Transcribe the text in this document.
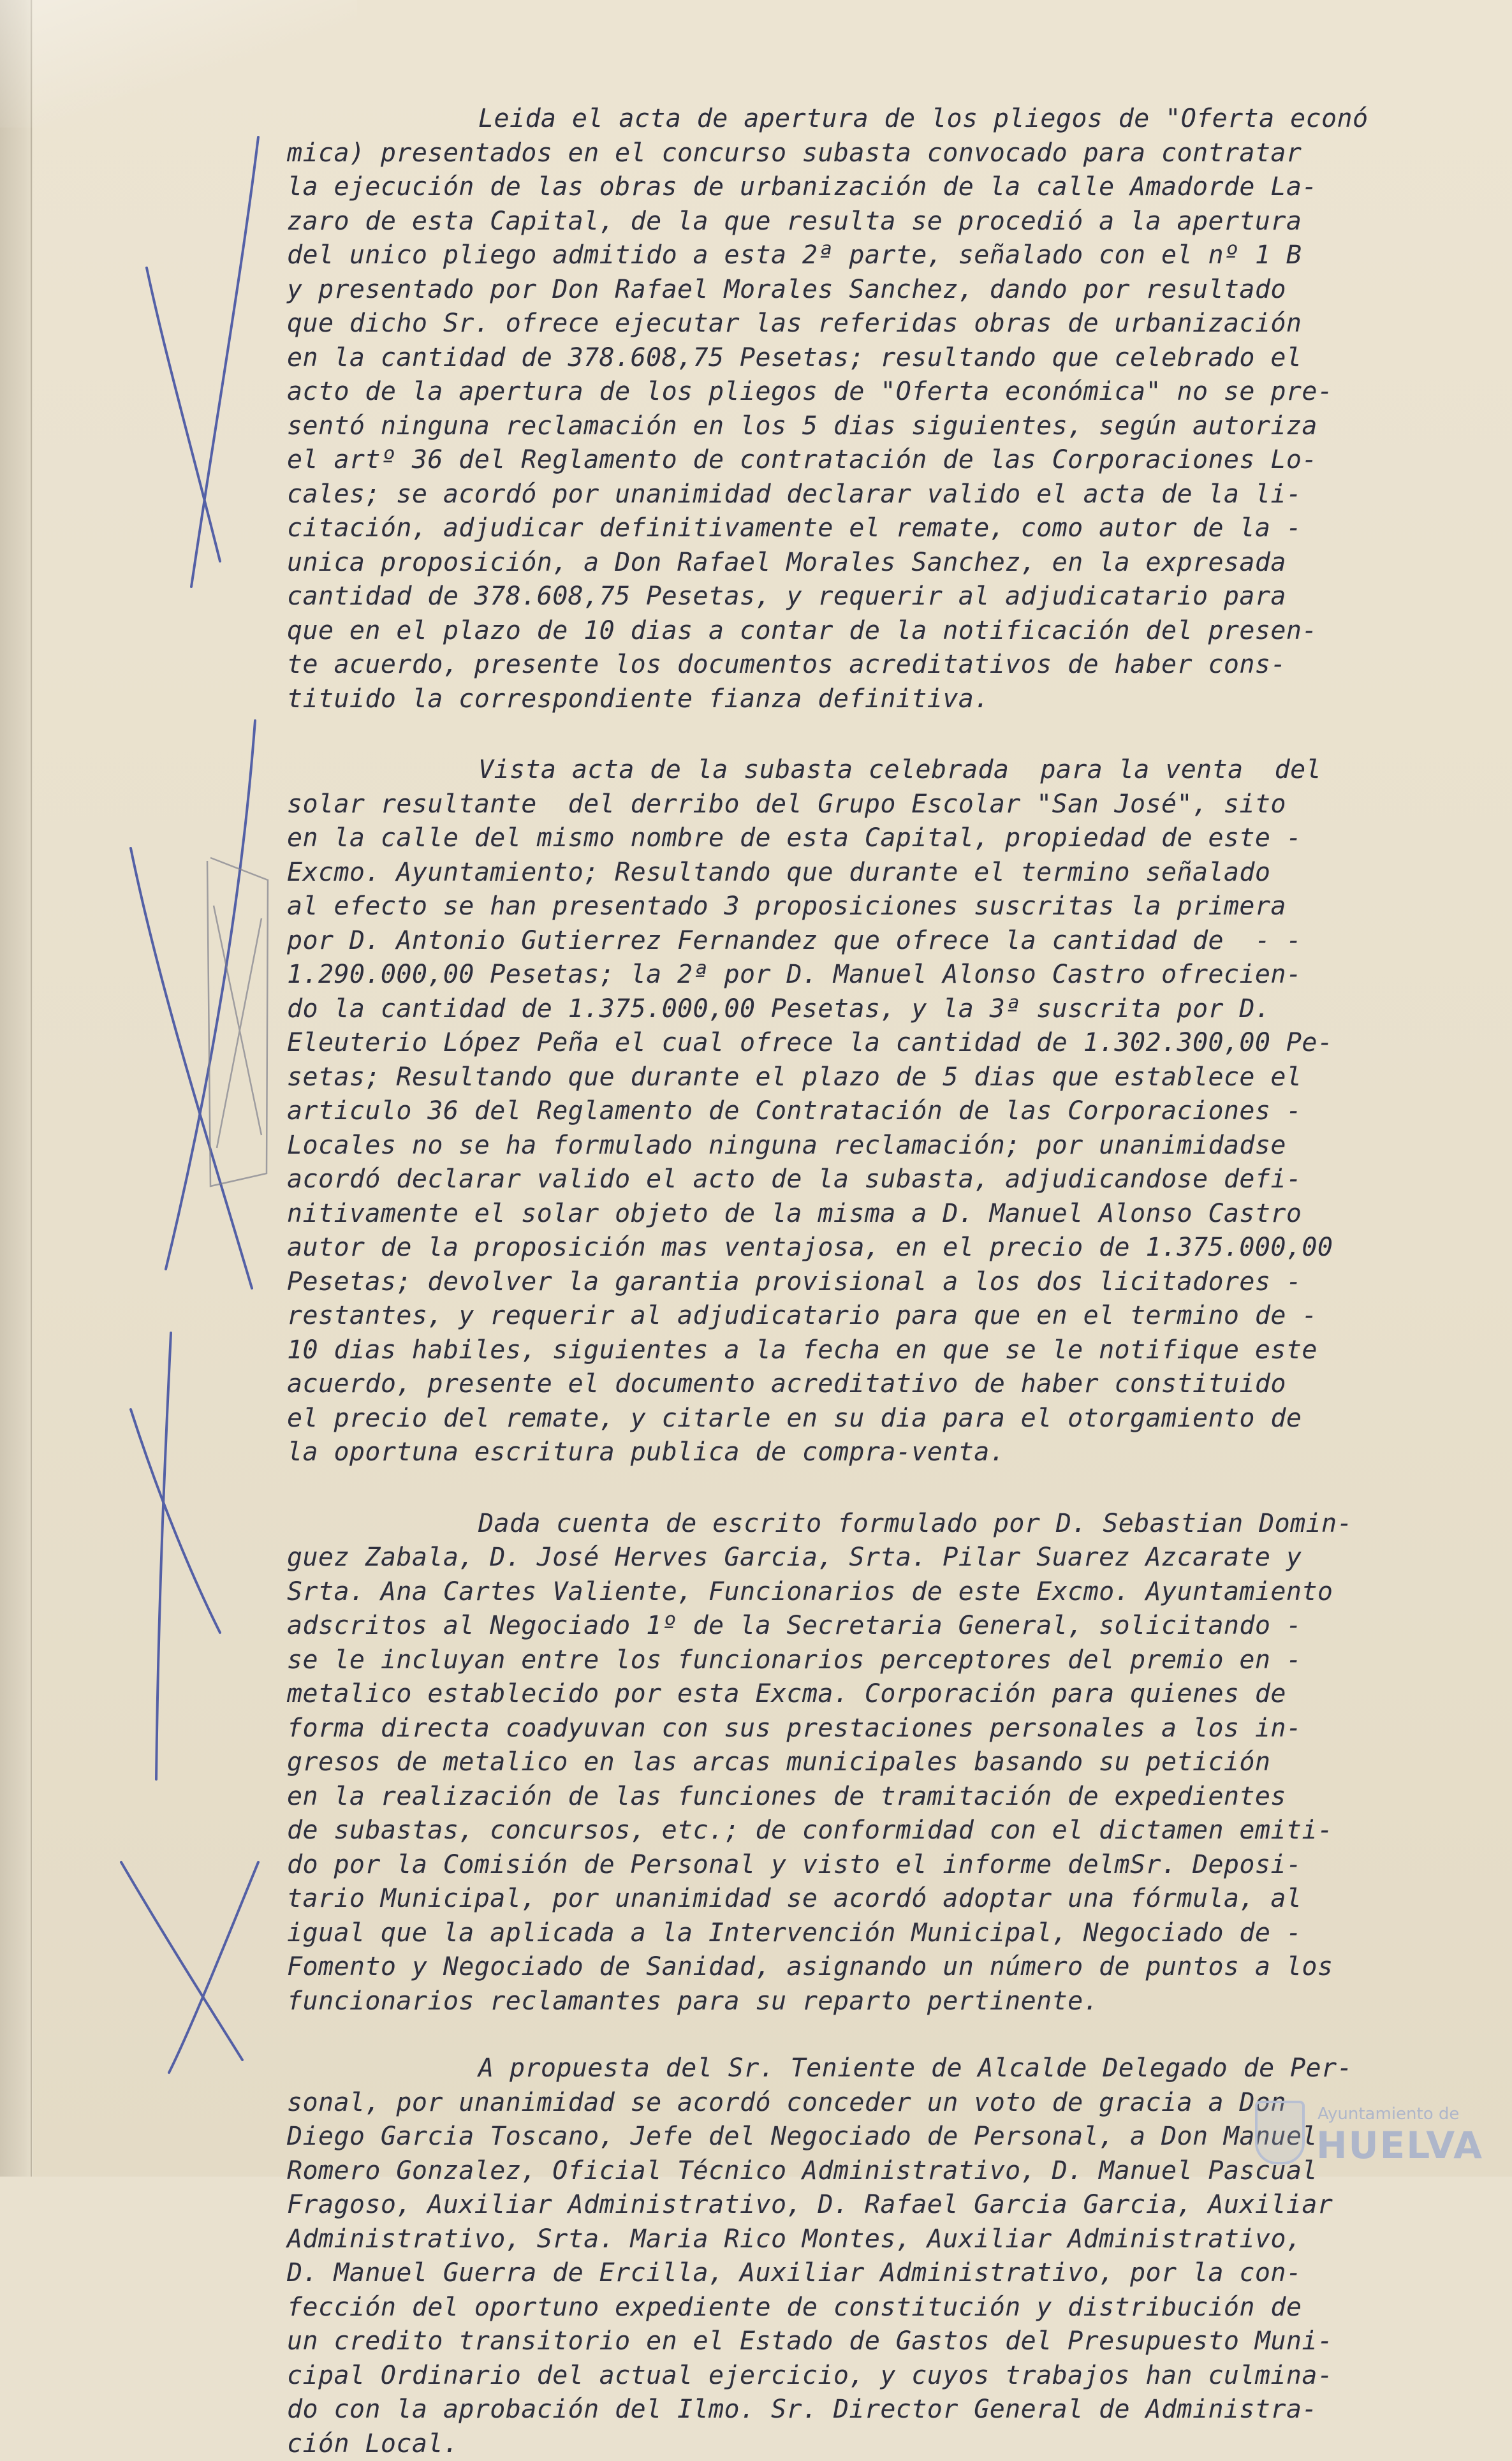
Leida el acta de apertura de los pliegos de "Oferta econó
mica) presentados en el concurso subasta convocado para contratar
la ejecución de las obras de urbanización de la calle Amadorde La-
zaro de esta Capital, de la que resulta se procedió a la apertura
del unico pliego admitido a esta 2ª parte, señalado con el nº 1 B
y presentado por Don Rafael Morales Sanchez, dando por resultado
que dicho Sr. ofrece ejecutar las referidas obras de urbanización
en la cantidad de 378.608,75 Pesetas; resultando que celebrado el
acto de la apertura de los pliegos de "Oferta económica" no se pre-
sentó ninguna reclamación en los 5 dias siguientes, según autoriza
el artº 36 del Reglamento de contratación de las Corporaciones Lo-
cales; se acordó por unanimidad declarar valido el acta de la li-
citación, adjudicar definitivamente el remate, como autor de la -
unica proposición, a Don Rafael Morales Sanchez, en la expresada
cantidad de 378.608,75 Pesetas, y requerir al adjudicatario para
que en el plazo de 10 dias a contar de la notificación del presen-
te acuerdo, presente los documentos acreditativos de haber cons-
tituido la correspondiente fianza definitiva.
Vista acta de la subasta celebrada  para la venta  del
solar resultante  del derribo del Grupo Escolar "San José", sito
en la calle del mismo nombre de esta Capital, propiedad de este -
Excmo. Ayuntamiento; Resultando que durante el termino señalado
al efecto se han presentado 3 proposiciones suscritas la primera
por D. Antonio Gutierrez Fernandez que ofrece la cantidad de  - -
1.290.000,00 Pesetas; la 2ª por D. Manuel Alonso Castro ofrecien-
do la cantidad de 1.375.000,00 Pesetas, y la 3ª suscrita por D.
Eleuterio López Peña el cual ofrece la cantidad de 1.302.300,00 Pe-
setas; Resultando que durante el plazo de 5 dias que establece el
articulo 36 del Reglamento de Contratación de las Corporaciones -
Locales no se ha formulado ninguna reclamación; por unanimidadse
acordó declarar valido el acto de la subasta, adjudicandose defi-
nitivamente el solar objeto de la misma a D. Manuel Alonso Castro
autor de la proposición mas ventajosa, en el precio de 1.375.000,00
Pesetas; devolver la garantia provisional a los dos licitadores -
restantes, y requerir al adjudicatario para que en el termino de -
10 dias habiles, siguientes a la fecha en que se le notifique este
acuerdo, presente el documento acreditativo de haber constituido
el precio del remate, y citarle en su dia para el otorgamiento de
la oportuna escritura publica de compra-venta.
Dada cuenta de escrito formulado por D. Sebastian Domin-
guez Zabala, D. José Herves Garcia, Srta. Pilar Suarez Azcarate y
Srta. Ana Cartes Valiente, Funcionarios de este Excmo. Ayuntamiento
adscritos al Negociado 1º de la Secretaria General, solicitando -
se le incluyan entre los funcionarios perceptores del premio en -
metalico establecido por esta Excma. Corporación para quienes de
forma directa coadyuvan con sus prestaciones personales a los in-
gresos de metalico en las arcas municipales basando su petición
en la realización de las funciones de tramitación de expedientes
de subastas, concursos, etc.; de conformidad con el dictamen emiti-
do por la Comisión de Personal y visto el informe delmSr. Deposi-
tario Municipal, por unanimidad se acordó adoptar una fórmula, al
igual que la aplicada a la Intervención Municipal, Negociado de -
Fomento y Negociado de Sanidad, asignando un número de puntos a los
funcionarios reclamantes para su reparto pertinente.
A propuesta del Sr. Teniente de Alcalde Delegado de Per-
sonal, por unanimidad se acordó conceder un voto de gracia a Don
Diego Garcia Toscano, Jefe del Negociado de Personal, a Don Manuel
Romero Gonzalez, Oficial Técnico Administrativo, D. Manuel Pascual
Fragoso, Auxiliar Administrativo, D. Rafael Garcia Garcia, Auxiliar
Administrativo, Srta. Maria Rico Montes, Auxiliar Administrativo,
D. Manuel Guerra de Ercilla, Auxiliar Administrativo, por la con-
fección del oportuno expediente de constitución y distribución de
un credito transitorio en el Estado de Gastos del Presupuesto Muni-
cipal Ordinario del actual ejercicio, y cuyos trabajos han culmina-
do con la aprobación del Ilmo. Sr. Director General de Administra-
ción Local.
Ayuntamiento de
HUELVA
